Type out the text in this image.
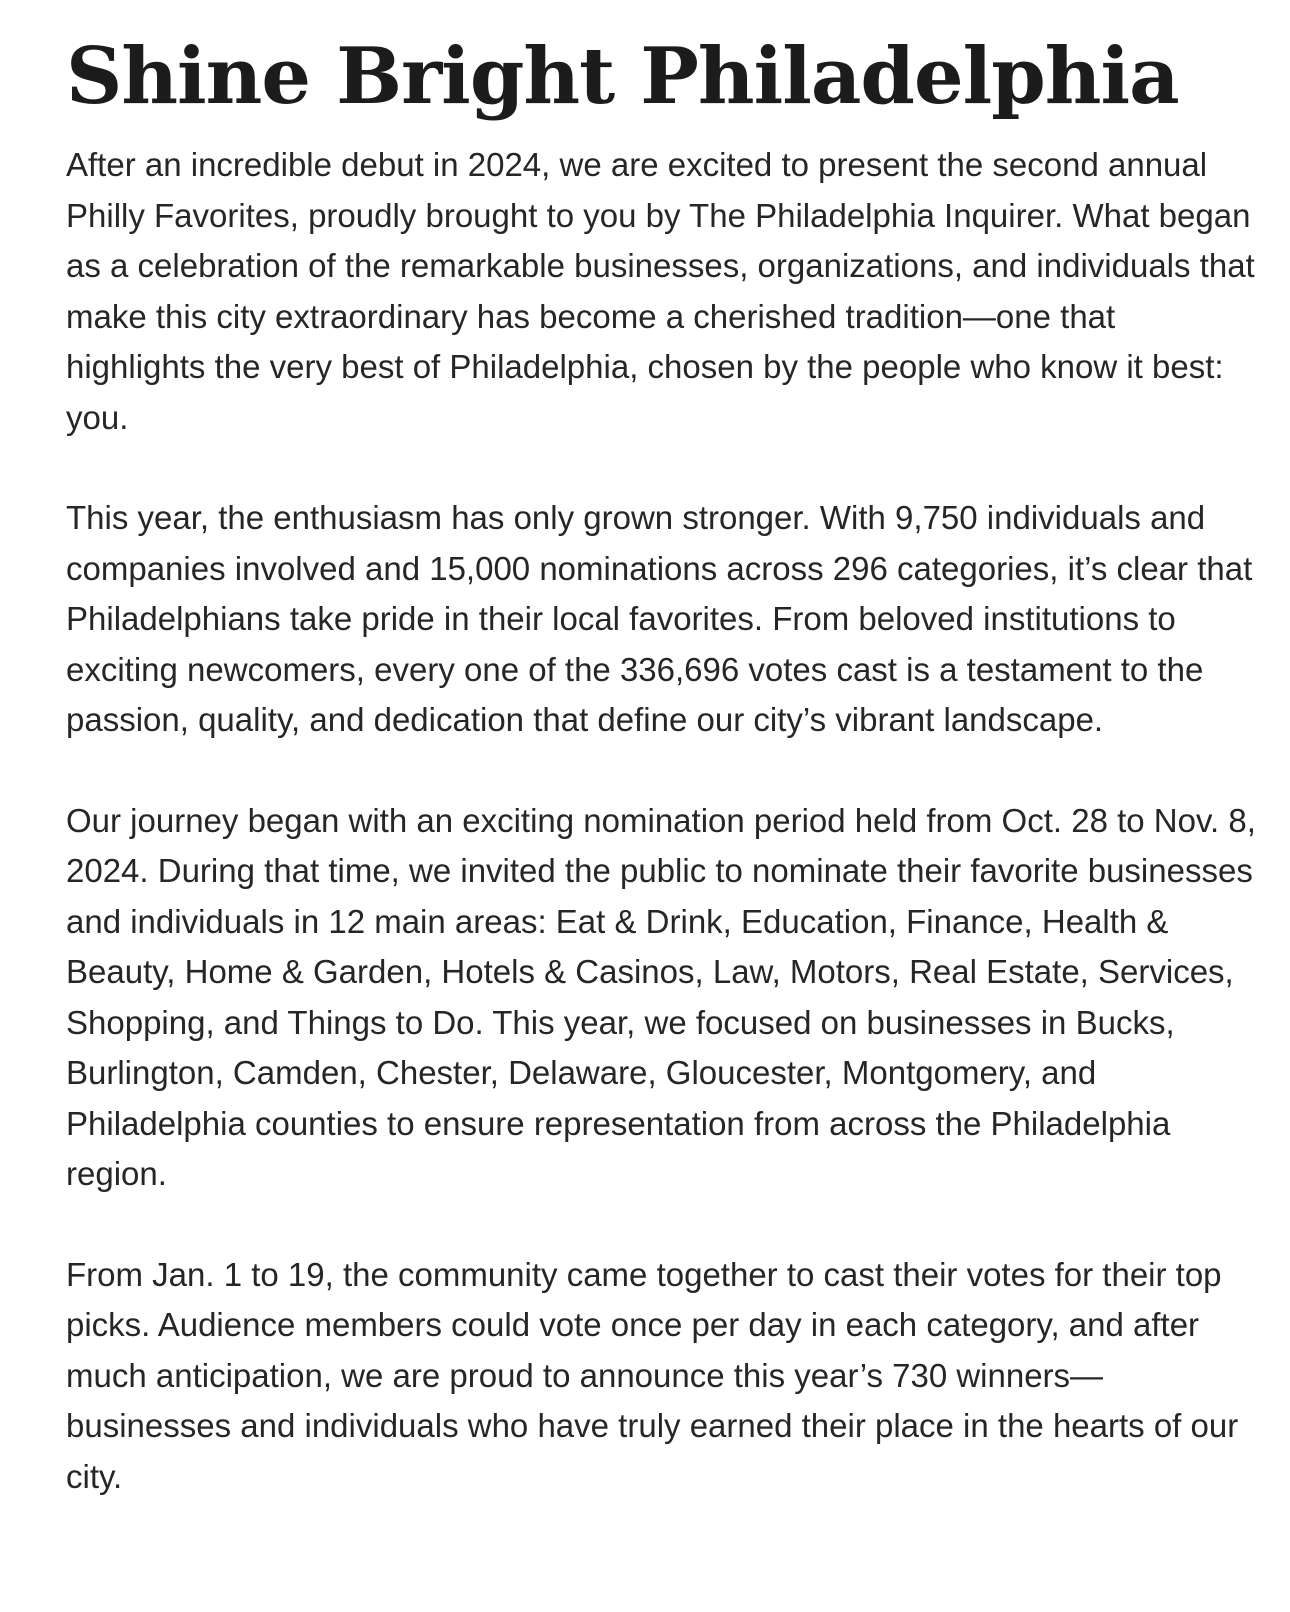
Shine Bright Philadelphia

After an incredible debut in 2024, we are excited to present the second annual Philly Favorites, proudly brought to you by The Philadelphia Inquirer. What began as a celebration of the remarkable businesses, organizations, and individuals that make this city extraordinary has become a cherished tradition—one that highlights the very best of Philadelphia, chosen by the people who know it best: you.

This year, the enthusiasm has only grown stronger. With 9,750 individuals and companies involved and 15,000 nominations across 296 categories, it’s clear that Philadelphians take pride in their local favorites. From beloved institutions to exciting newcomers, every one of the 336,696 votes cast is a testament to the passion, quality, and dedication that define our city’s vibrant landscape.

Our journey began with an exciting nomination period held from Oct. 28 to Nov. 8, 2024. During that time, we invited the public to nominate their favorite businesses and individuals in 12 main areas: Eat & Drink, Education, Finance, Health & Beauty, Home & Garden, Hotels & Casinos, Law, Motors, Real Estate, Services, Shopping, and Things to Do. This year, we focused on businesses in Bucks, Burlington, Camden, Chester, Delaware, Gloucester, Montgomery, and Philadelphia counties to ensure representation from across the Philadelphia region.

From Jan. 1 to 19, the community came together to cast their votes for their top picks. Audience members could vote once per day in each category, and after much anticipation, we are proud to announce this year’s 730 winners—businesses and individuals who have truly earned their place in the hearts of our city.
